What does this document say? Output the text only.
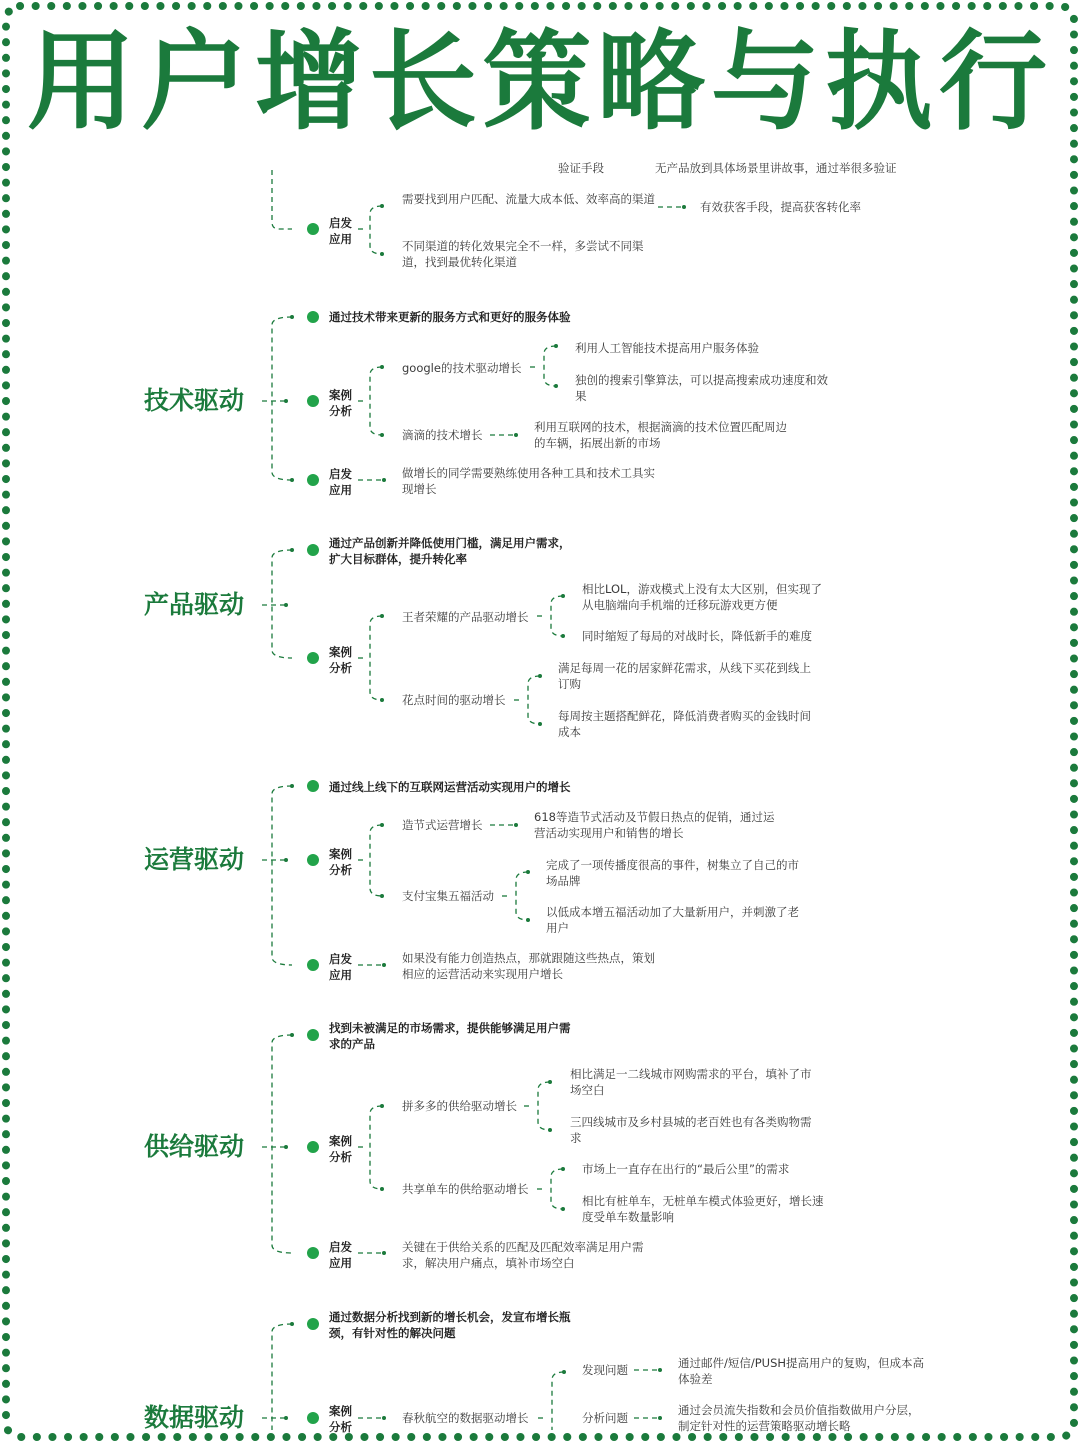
用户增长策略与执行
验证手段	无产品放到具体场景里讲故事，通过举很多验证
启发应用
需要找到用户匹配、流量大成本低、效率高的渠道
不同渠道的转化效果完全不一样，多尝试不同渠道，找到最优转化渠道
有效获客手段，提高获客转化率
技术驱动
通过技术带来更新的服务方式和更好的服务体验
案例分析
google的技术驱动增长
利用人工智能技术提高用户服务体验
独创的搜索引擎算法，可以提高搜索成功速度和效果
滴滴的技术增长
利用互联网的技术，根据滴滴的技术位置匹配周边的车辆，拓展出新的市场
启发应用
做增长的同学需要熟练使用各种工具和技术工具实现增长
产品驱动
通过产品创新并降低使用门槛，满足用户需求，扩大目标群体，提升转化率
案例分析
王者荣耀的产品驱动增长
相比LOL，游戏模式上没有太大区别，但实现了从电脑端向手机端的迁移玩游戏更方便
同时缩短了每局的对战时长，降低新手的难度
花点时间的驱动增长
满足每周一花的居家鲜花需求，从线下买花到线上订购
每周按主题搭配鲜花，降低消费者购买的金钱时间成本
运营驱动
通过线上线下的互联网运营活动实现用户的增长
案例分析
造节式运营增长
618等造节式活动及节假日热点的促销，通过运营活动实现用户和销售的增长
支付宝集五福活动
完成了一项传播度很高的事件，树集立了自己的市场品牌
以低成本增五福活动加了大量新用户，并刺激了老用户
启发应用
如果没有能力创造热点，那就跟随这些热点，策划相应的运营活动来实现用户增长
供给驱动
找到未被满足的市场需求，提供能够满足用户需求的产品
案例分析
拼多多的供给驱动增长
相比满足一二线城市网购需求的平台，填补了市场空白
三四线城市及乡村县城的老百姓也有各类购物需求
共享单车的供给驱动增长
市场上一直存在出行的“最后公里”的需求
相比有桩单车，无桩单车模式体验更好，增长速度受单车数量影响
启发应用
关键在于供给关系的匹配及匹配效率满足用户需求，解决用户痛点，填补市场空白
数据驱动
通过数据分析找到新的增长机会，发宣布增长瓶颈，有针对性的解决问题
案例分析
春秋航空的数据驱动增长
发现问题	通过邮件/短信/PUSH提高用户的复购，但成本高体验差
分析问题
通过会员流失指数和会员价值指数做用户分层，制定针对性的运营策略驱动增长略
